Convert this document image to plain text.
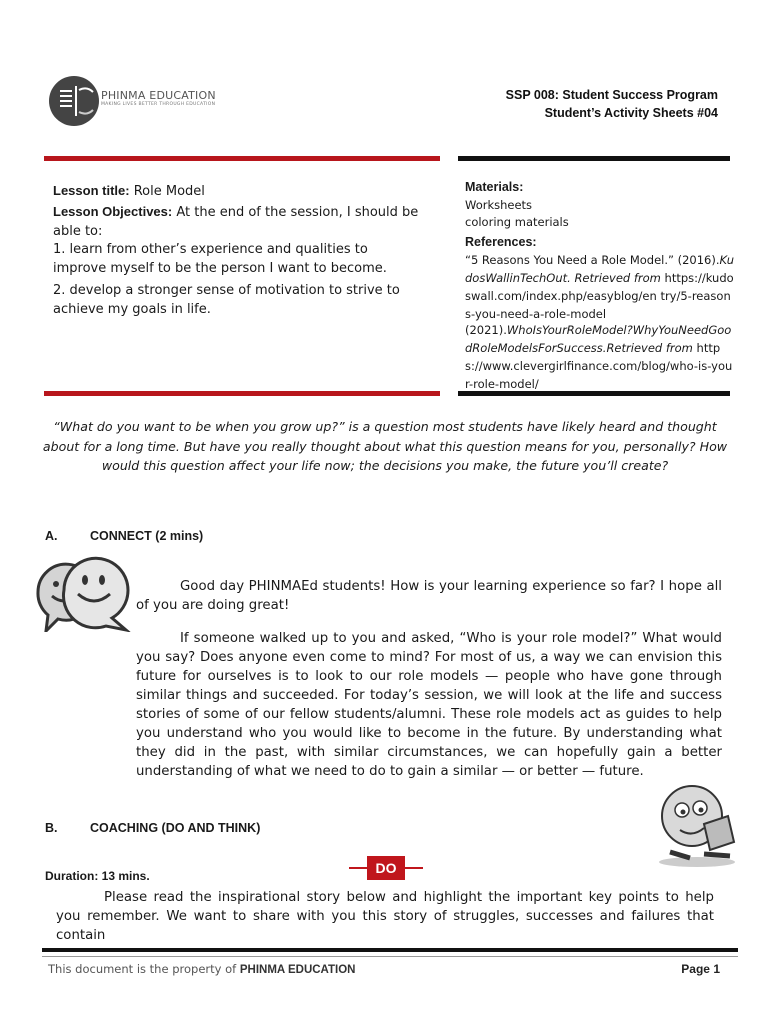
PHINMA EDUCATION
MAKING LIVES BETTER THROUGH EDUCATION
SSP 008: Student Success Program
Student’s Activity Sheets #04
Lesson title: Role Model
Lesson Objectives: At the end of the session, I should be able to:
1. learn from other’s experience and qualities to improve myself to be the person I want to become.
2. develop a stronger sense of motivation to strive to achieve my goals in life.
Materials:
Worksheets
coloring materials
References:
“5 Reasons You Need a Role Model.” (2016).KudosWallinTechOut. Retrieved from https://kudoswall.com/index.php/easyblog/en try/5-reasons-you-need-a-role-model
(2021).WhoIsYourRoleModel?WhyYouNeedGoodRoleModelsForSuccess.Retrieved from https://www.clevergirlfinance.com/blog/who-is-your-role-model/
“What do you want to be when you grow up?” is a question most students have likely heard and thought about for a long time. But have you really thought about what this question means for you, personally? How would this question affect your life now; the decisions you make, the future you’ll create?
A.	CONNECT (2 mins)
Good day PHINMAEd students! How is your learning experience so far? I hope all of you are doing great!
If someone walked up to you and asked, “Who is your role model?” What would you say? Does anyone even come to mind? For most of us, a way we can envision this future for ourselves is to look to our role models — people who have gone through similar things and succeeded. For today’s session, we will look at the life and success stories of some of our fellow students/alumni. These role models act as guides to help you understand who you would like to become in the future. By understanding what they did in the past, with similar circumstances, we can hopefully gain a better understanding of what we need to do to gain a similar — or better — future.
B.	COACHING (DO AND THINK)
Duration: 13 mins.	DO
Please read the inspirational story below and highlight the important key points to help you remember. We want to share with you this story of struggles, successes and failures that contain
This document is the property of PHINMA EDUCATION	Page 1
